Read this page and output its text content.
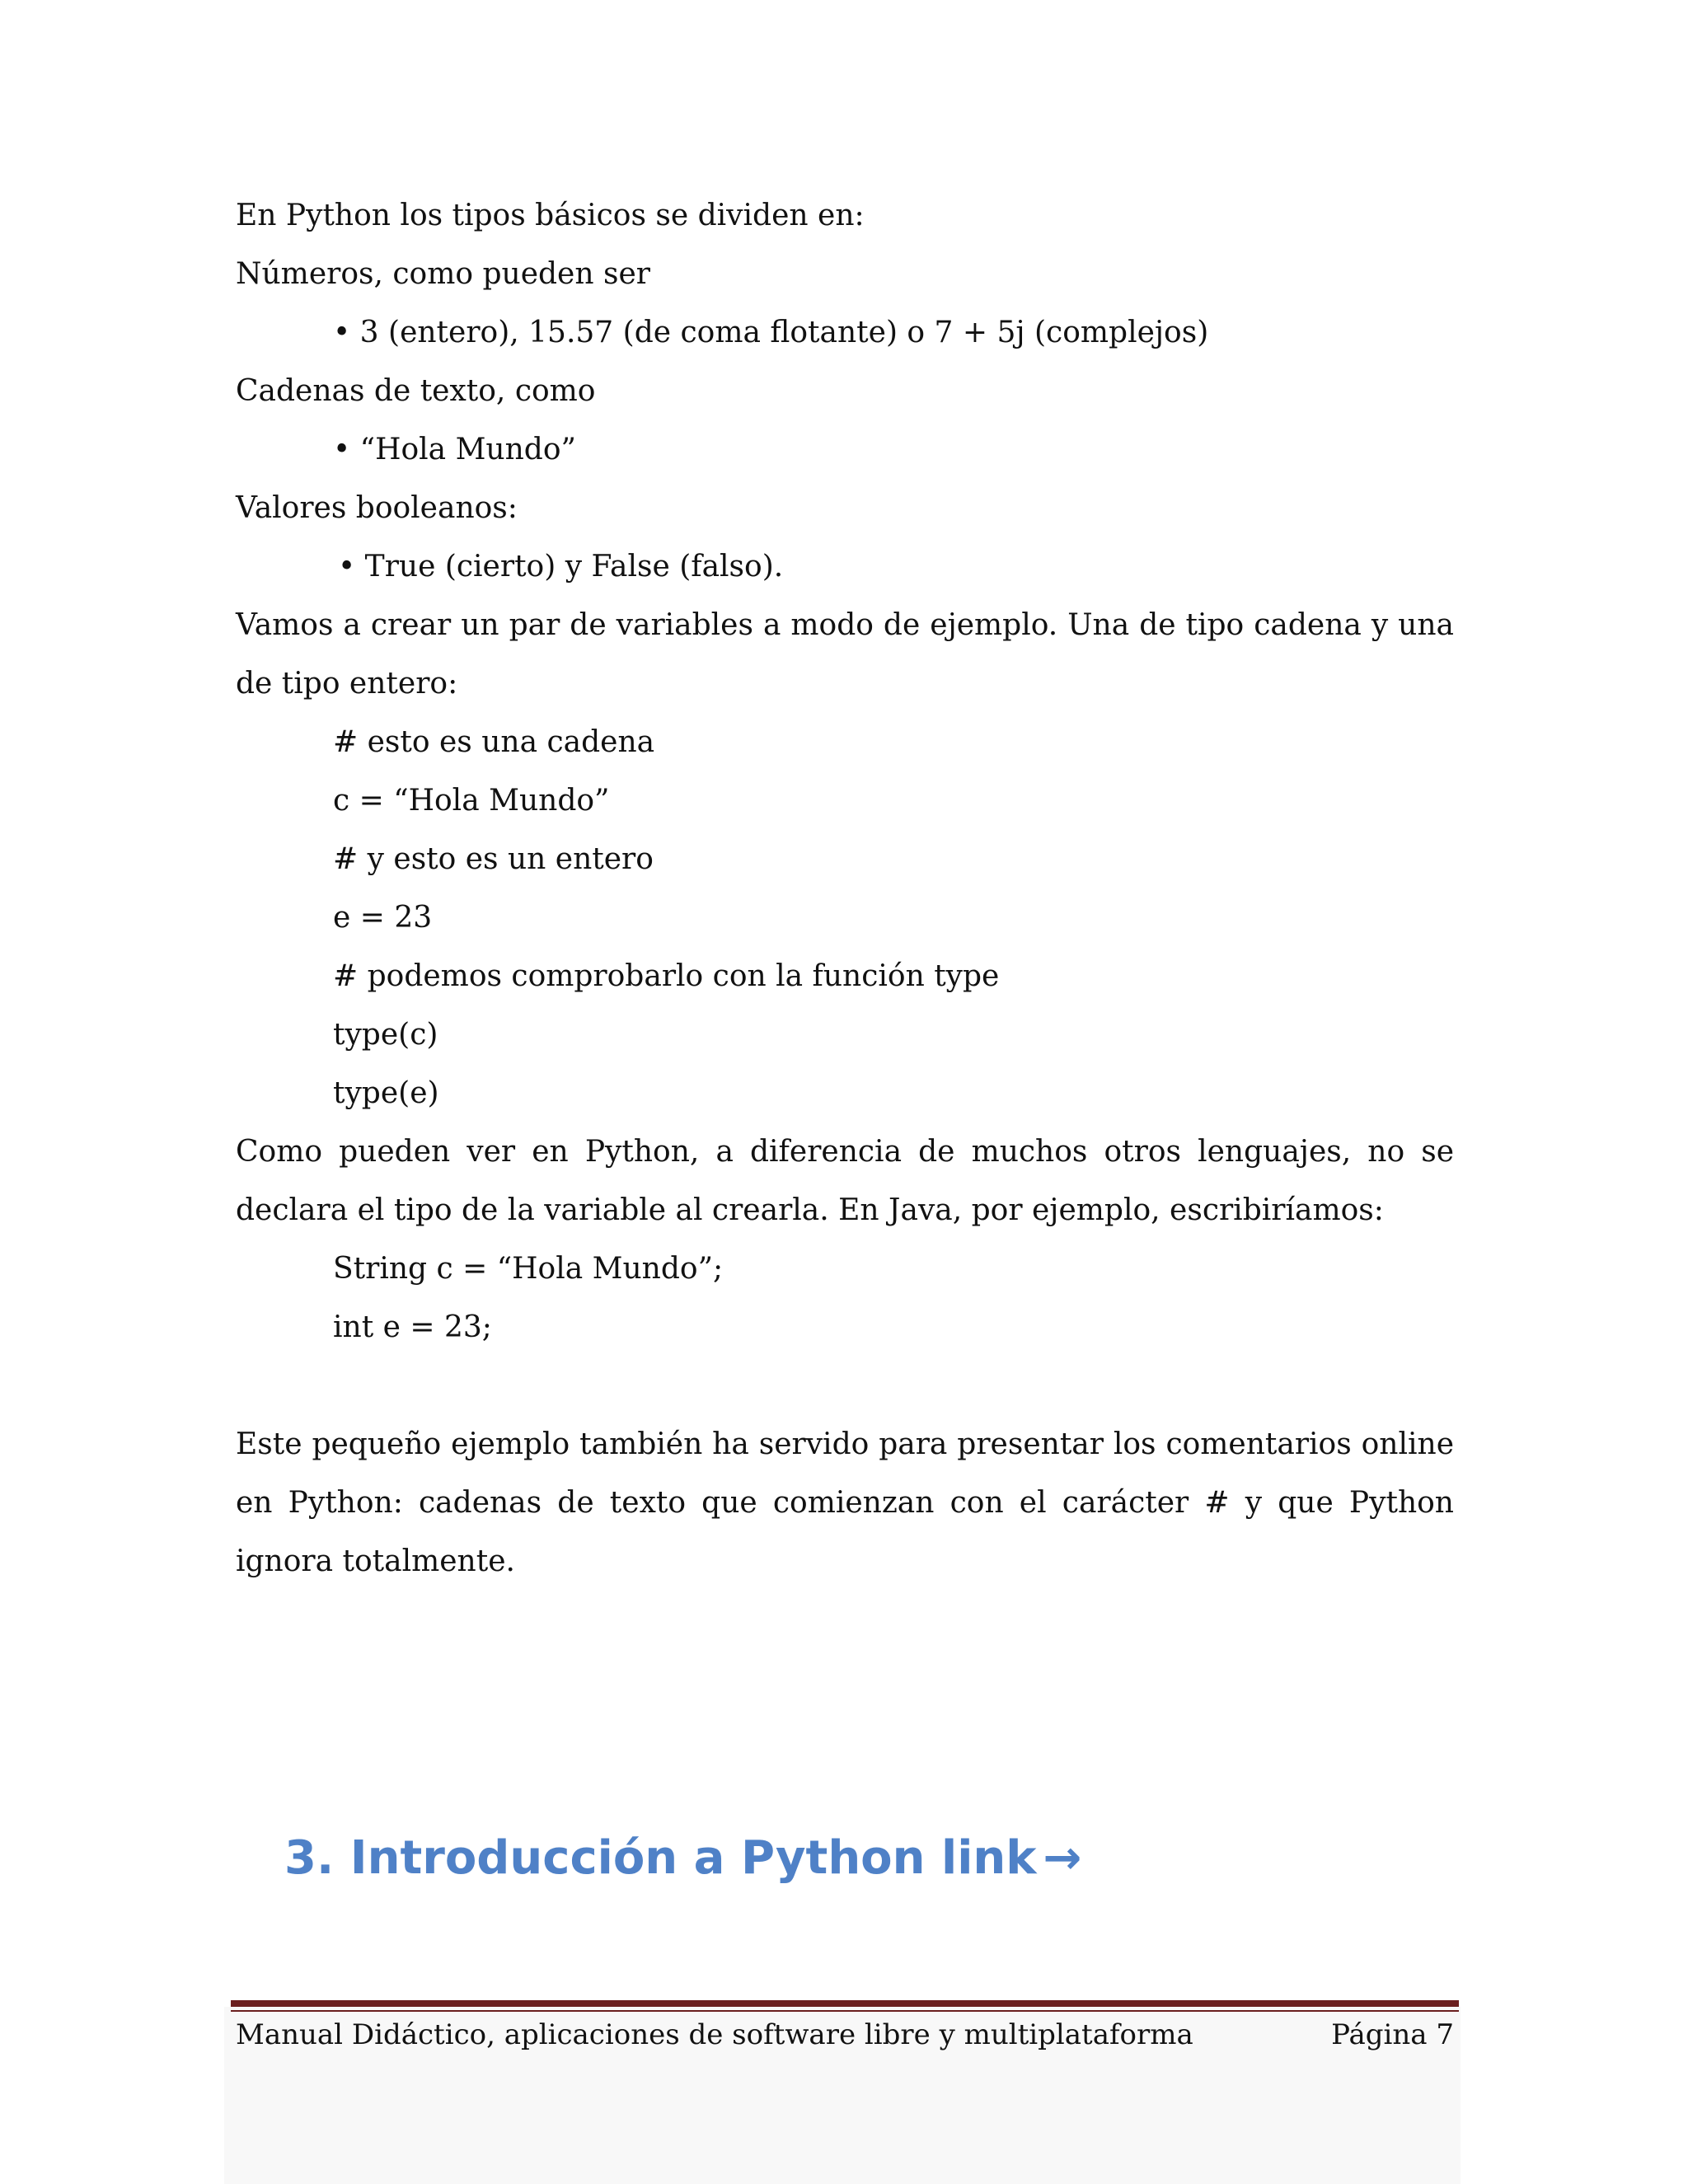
En Python los tipos básicos se dividen en:

Números, como pueden ser

• 3 (entero), 15.57 (de coma flotante) o 7 + 5j (complejos)

Cadenas de texto, como

• “Hola Mundo”

Valores booleanos:

• True (cierto) y False (falso).

Vamos a crear un par de variables a modo de ejemplo. Una de tipo cadena y una de tipo entero:

# esto es una cadena

c = “Hola Mundo”

# y esto es un entero

e = 23

# podemos comprobarlo con la función type

type(c)

type(e)

Como pueden ver en Python, a diferencia de muchos otros lenguajes, no se declara el tipo de la variable al crearla. En Java, por ejemplo, escribiríamos:

String c = “Hola Mundo”;

int e = 23;

Este pequeño ejemplo también ha servido para presentar los comentarios online en Python: cadenas de texto que comienzan con el carácter # y que Python ignora totalmente.

3. Introducción a Python link →
Manual Didáctico, aplicaciones de software libre y multiplataforma	Página 7
